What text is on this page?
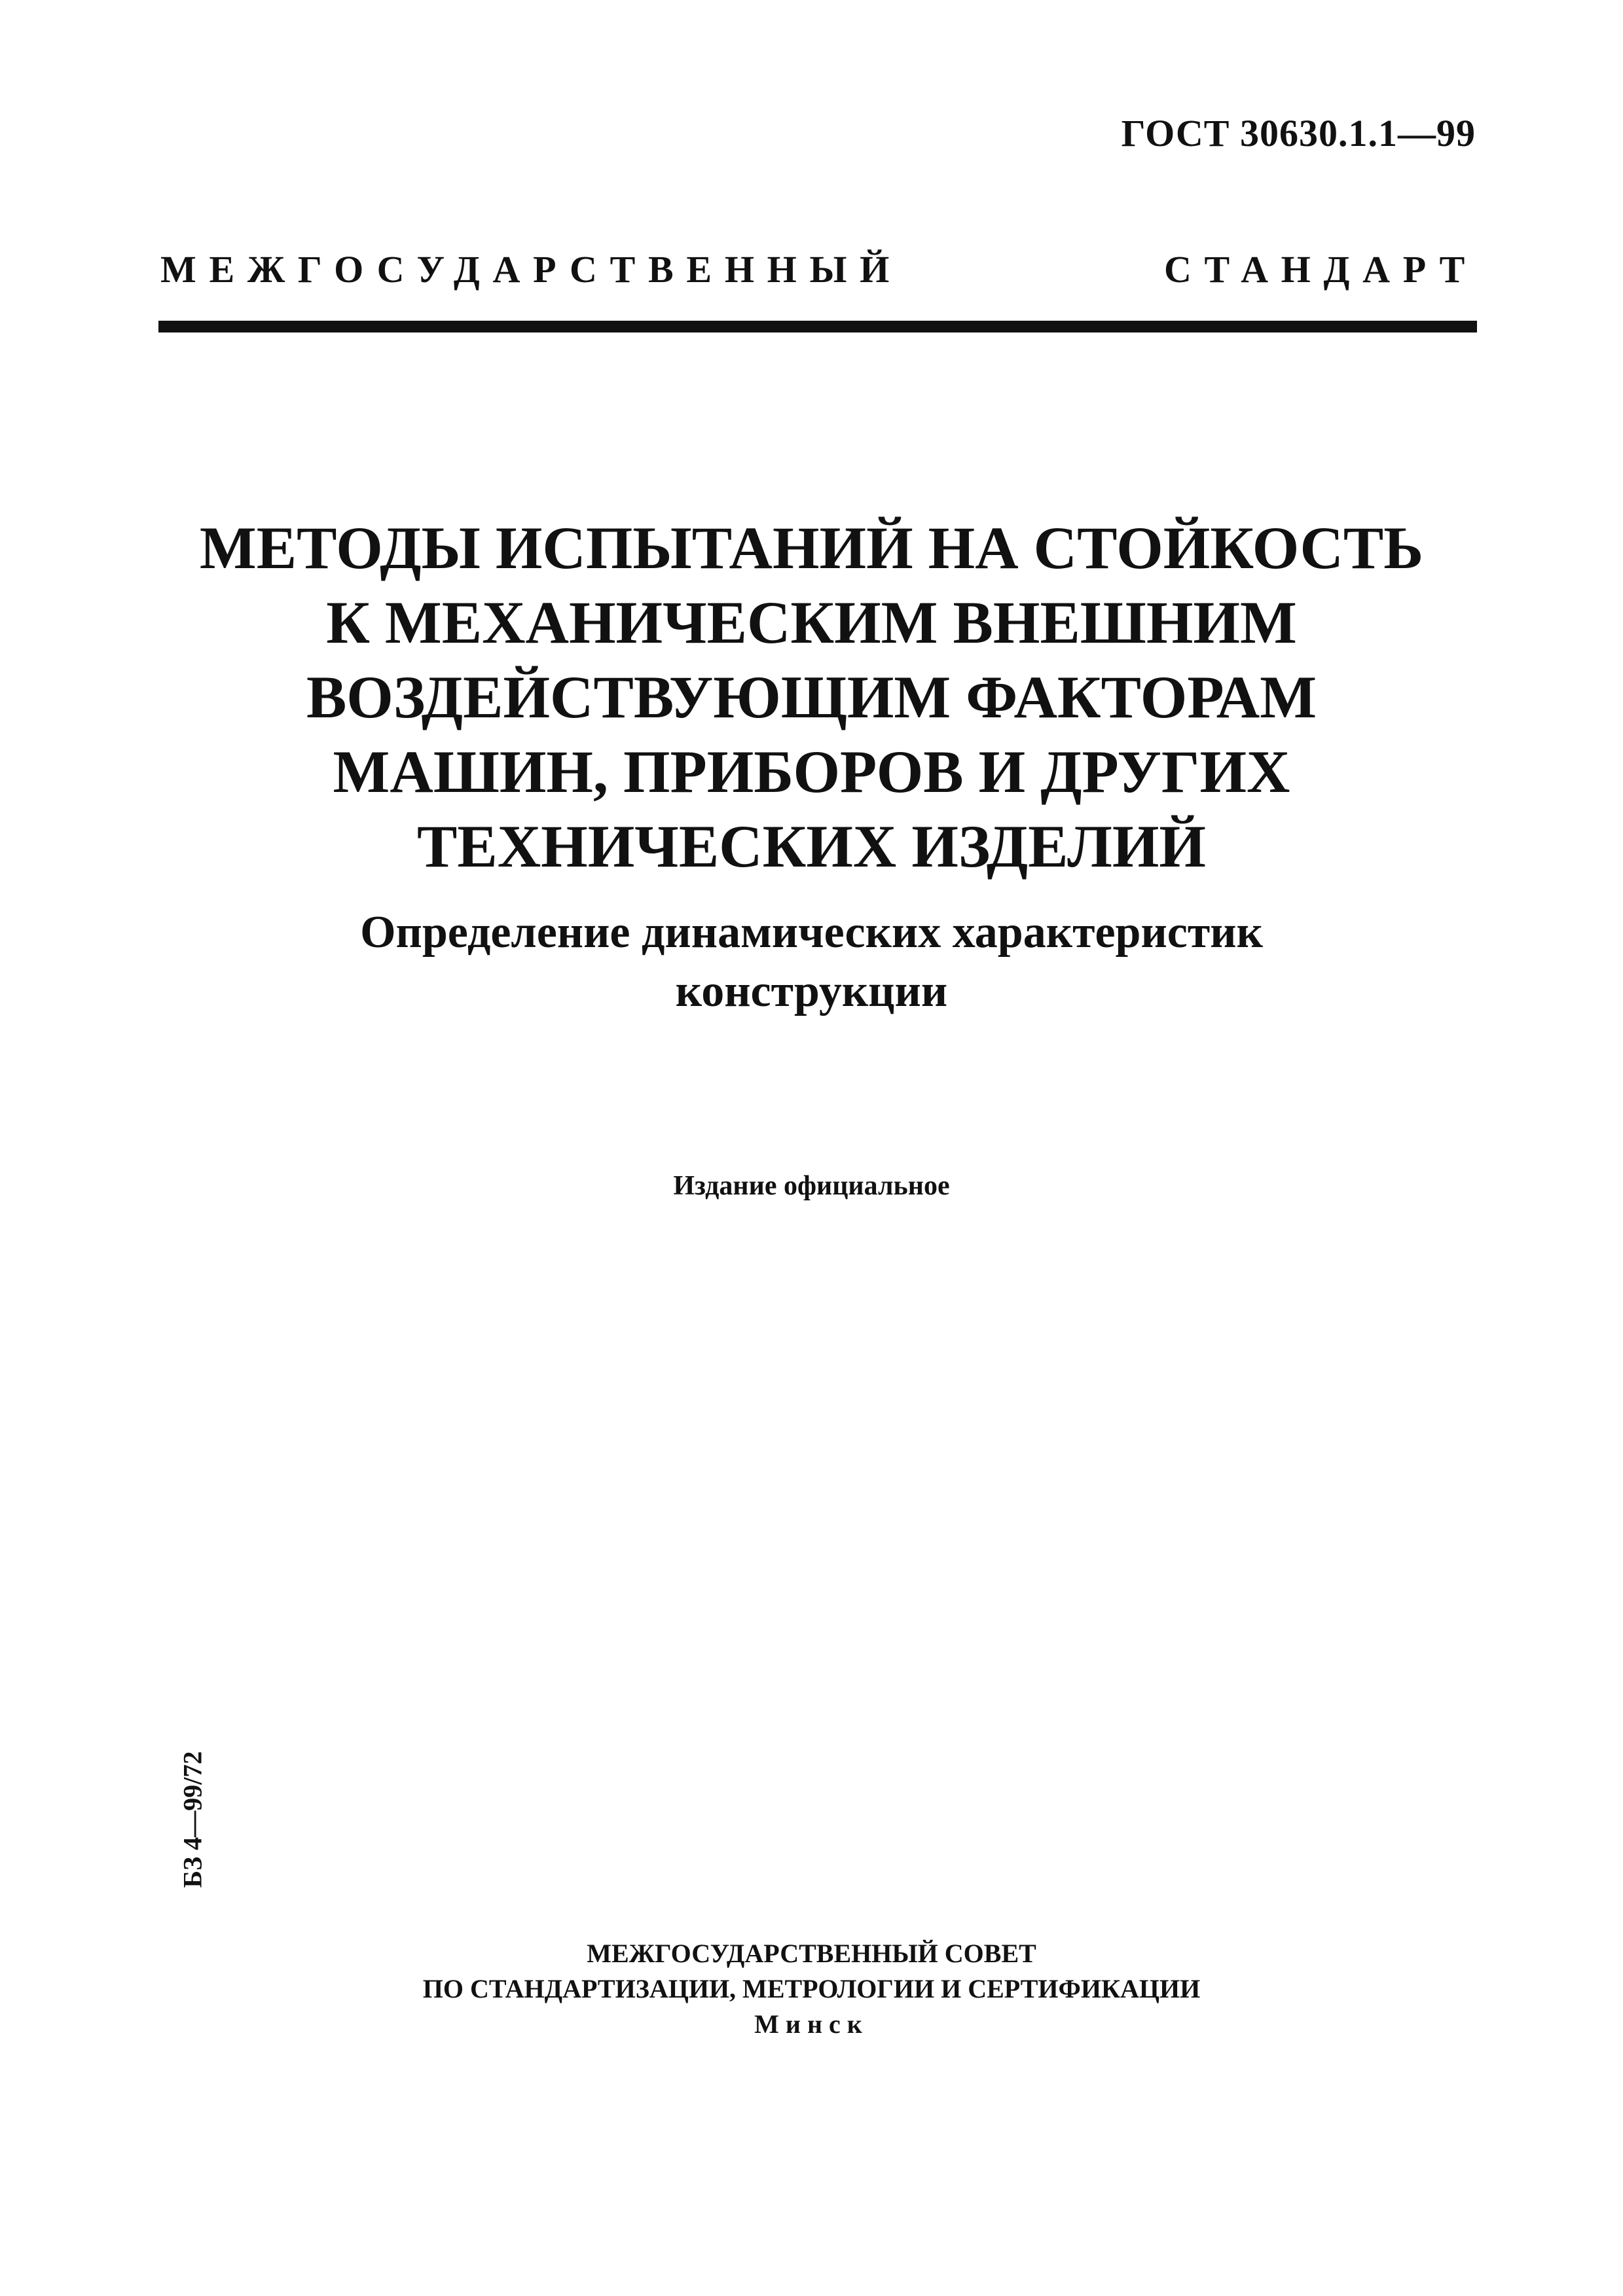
ГОСТ 30630.1.1—99
МЕЖГОСУДАРСТВЕННЫЙ СТАНДАРТ
МЕТОДЫ ИСПЫТАНИЙ НА СТОЙКОСТЬ
К МЕХАНИЧЕСКИМ ВНЕШНИМ
ВОЗДЕЙСТВУЮЩИМ ФАКТОРАМ
МАШИН, ПРИБОРОВ И ДРУГИХ
ТЕХНИЧЕСКИХ ИЗДЕЛИЙ
Определение динамических характеристик
конструкции
Издание официальное
БЗ 4—99/72
МЕЖГОСУДАРСТВЕННЫЙ СОВЕТ
ПО СТАНДАРТИЗАЦИИ, МЕТРОЛОГИИ И СЕРТИФИКАЦИИ
Минск
